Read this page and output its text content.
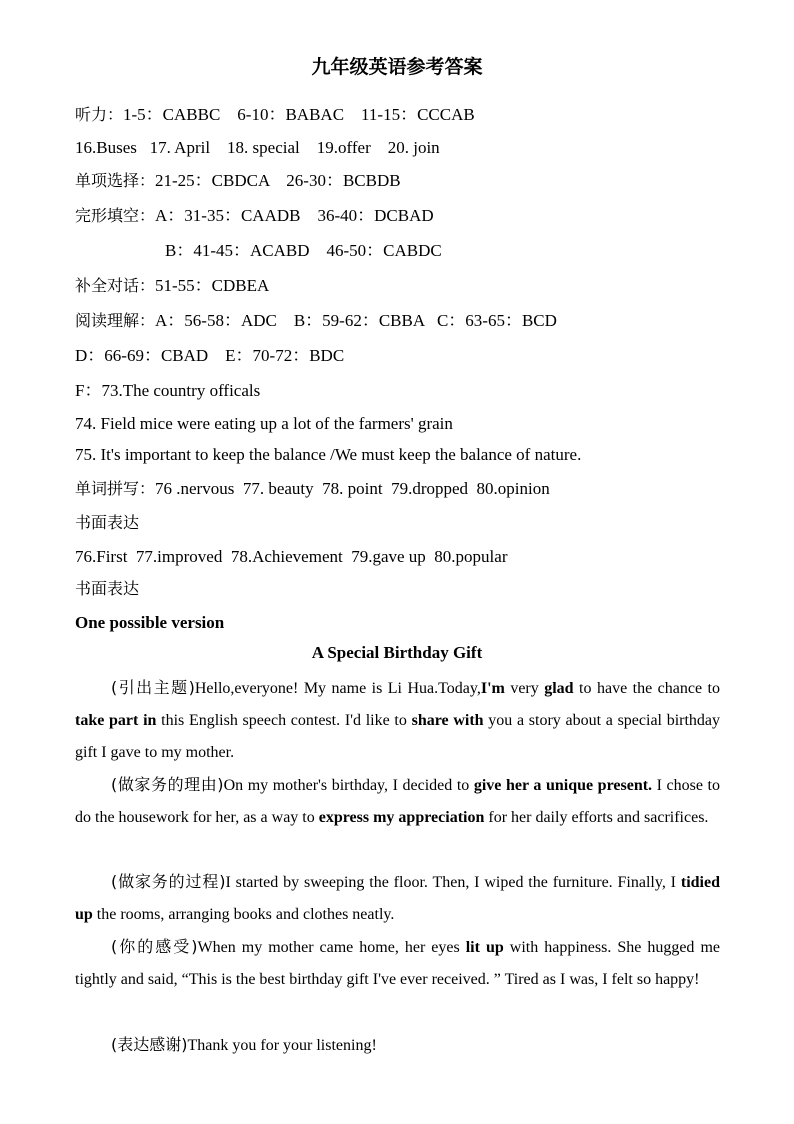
九年级英语参考答案
听力：1-5：CABBC    6-10：BABAC    11-15：CCCAB
16.Buses   17. April    18. special    19.offer    20. join
单项选择：21-25：CBDCA    26-30：BCBDB
完形填空：A：31-35：CAADB    36-40：DCBAD
B：41-45：ACABD    46-50：CABDC
补全对话：51-55：CDBEA
阅读理解：A：56-58：ADC    B：59-62：CBBA   C：63-65：BCD
D：66-69：CBAD    E：70-72：BDC
F：73.The country officals
74. Field mice were eating up a lot of the farmers' grain
75. It's important to keep the balance /We must keep the balance of nature.
单词拼写：76 .nervous  77. beauty  78. point  79.dropped  80.opinion
书面表达
76.First  77.improved  78.Achievement  79.gave up  80.popular
书面表达
One possible version
A Special Birthday Gift
(引出主题)Hello,everyone! My name is Li Hua.Today,I'm very glad to have the chance to take part in this English speech contest. I'd like to share with you a story about a special birthday gift I gave to my mother.
(做家务的理由)On my mother's birthday, I decided to give her a unique present. I chose to do the housework for her, as a way to express my appreciation for her daily efforts and sacrifices.
(做家务的过程)I started by sweeping the floor. Then, I wiped the furniture. Finally, I tidied up the rooms, arranging books and clothes neatly.
(你的感受)When my mother came home, her eyes lit up with happiness. She hugged me tightly and said, “This is the best birthday gift I've ever received. ” Tired as I was, I felt so happy!
(表达感谢)Thank you for your listening!
